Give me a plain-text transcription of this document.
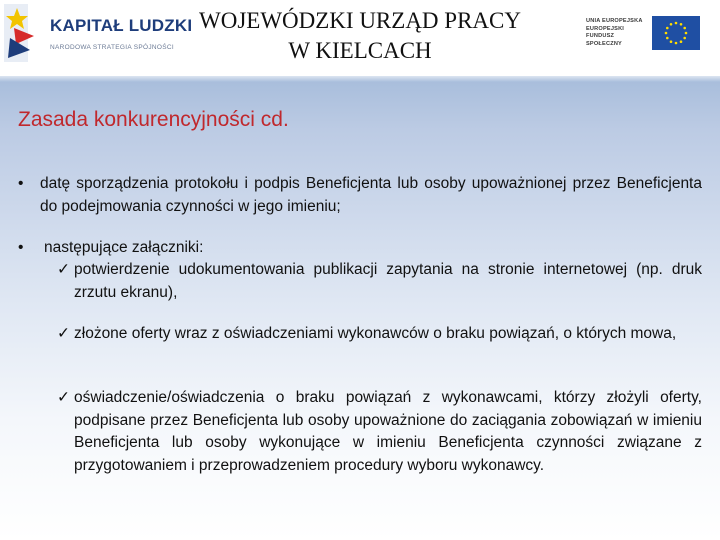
KAPITAŁ LUDZKI
NARODOWA STRATEGIA SPÓJNOŚCI
WOJEWÓDZKI URZĄD PRACY
W KIELCACH
UNIA EUROPEJSKA
EUROPEJSKI
FUNDUSZ SPOŁECZNY
Zasada konkurencyjności cd.
•	datę sporządzenia protokołu i podpis Beneficjenta lub osoby upoważnionej przez Beneficjenta do podejmowania czynności w jego imieniu;
•	następujące załączniki:
✓ potwierdzenie udokumentowania publikacji zapytania na stronie internetowej (np. druk zrzutu ekranu),
✓ złożone oferty wraz z oświadczeniami wykonawców o braku powiązań, o których mowa,
✓ oświadczenie/oświadczenia o braku powiązań z wykonawcami, którzy złożyli oferty, podpisane przez Beneficjenta lub osoby upoważnione do zaciągania zobowiązań w imieniu Beneficjenta lub osoby wykonujące w imieniu Beneficjenta czynności związane z przygotowaniem i przeprowadzeniem procedury wyboru wykonawcy.
